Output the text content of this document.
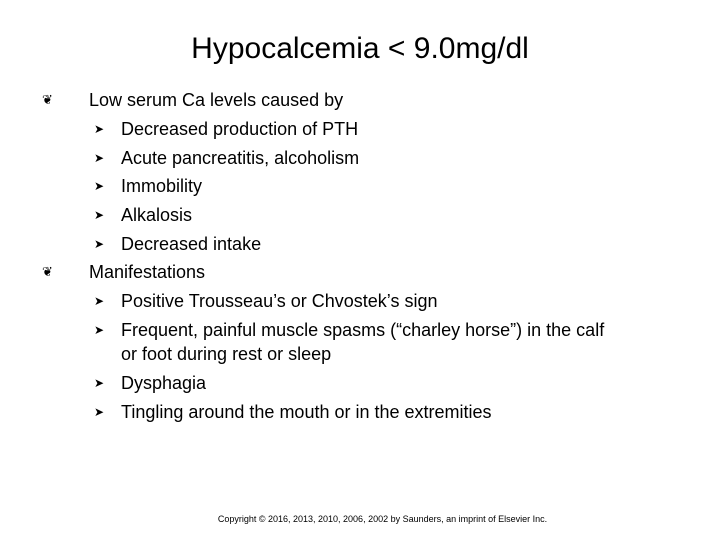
Hypocalcemia < 9.0mg/dl
❦ Low serum Ca levels caused by
➤ Decreased production of PTH
➤ Acute pancreatitis, alcoholism
➤ Immobility
➤ Alkalosis
➤ Decreased intake
❦ Manifestations
➤ Positive Trousseau’s or Chvostek’s sign
➤ Frequent, painful muscle spasms (“charley horse”) in the calf
or foot during rest or sleep
➤ Dysphagia
➤ Tingling around the mouth or in the extremities
Copyright © 2016, 2013, 2010, 2006, 2002 by Saunders, an imprint of Elsevier Inc.
